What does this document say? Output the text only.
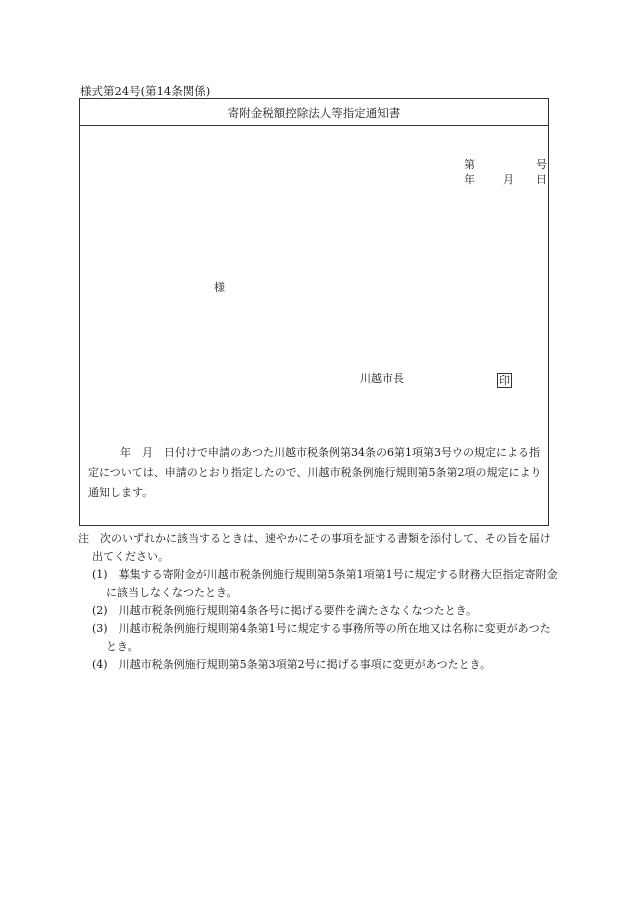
様式第24号(第14条関係)
寄附金税額控除法人等指定通知書
第	号
年	月 日
様
川越市長	印
年　月　日付けで申請のあつた川越市税条例第34条の6第1項第3号ウの規定による指定については、申請のとおり指定したので、川越市税条例施行規則第5条第2項の規定により通知します。
注　次のいずれかに該当するときは、速やかにその事項を証する書類を添付して、その旨を届け出てください。
(1)　 募集する寄附金が川越市税条例施行規則第5条第1項第1号に規定する財務大臣指定寄附金に該当しなくなつたとき。
(2)　 川越市税条例施行規則第4条各号に掲げる要件を満たさなくなつたとき。
(3)　 川越市税条例施行規則第4条第1号に規定する事務所等の所在地又は名称に変更があつたとき。
(4)　 川越市税条例施行規則第5条第3項第2号に掲げる事項に変更があつたとき。
